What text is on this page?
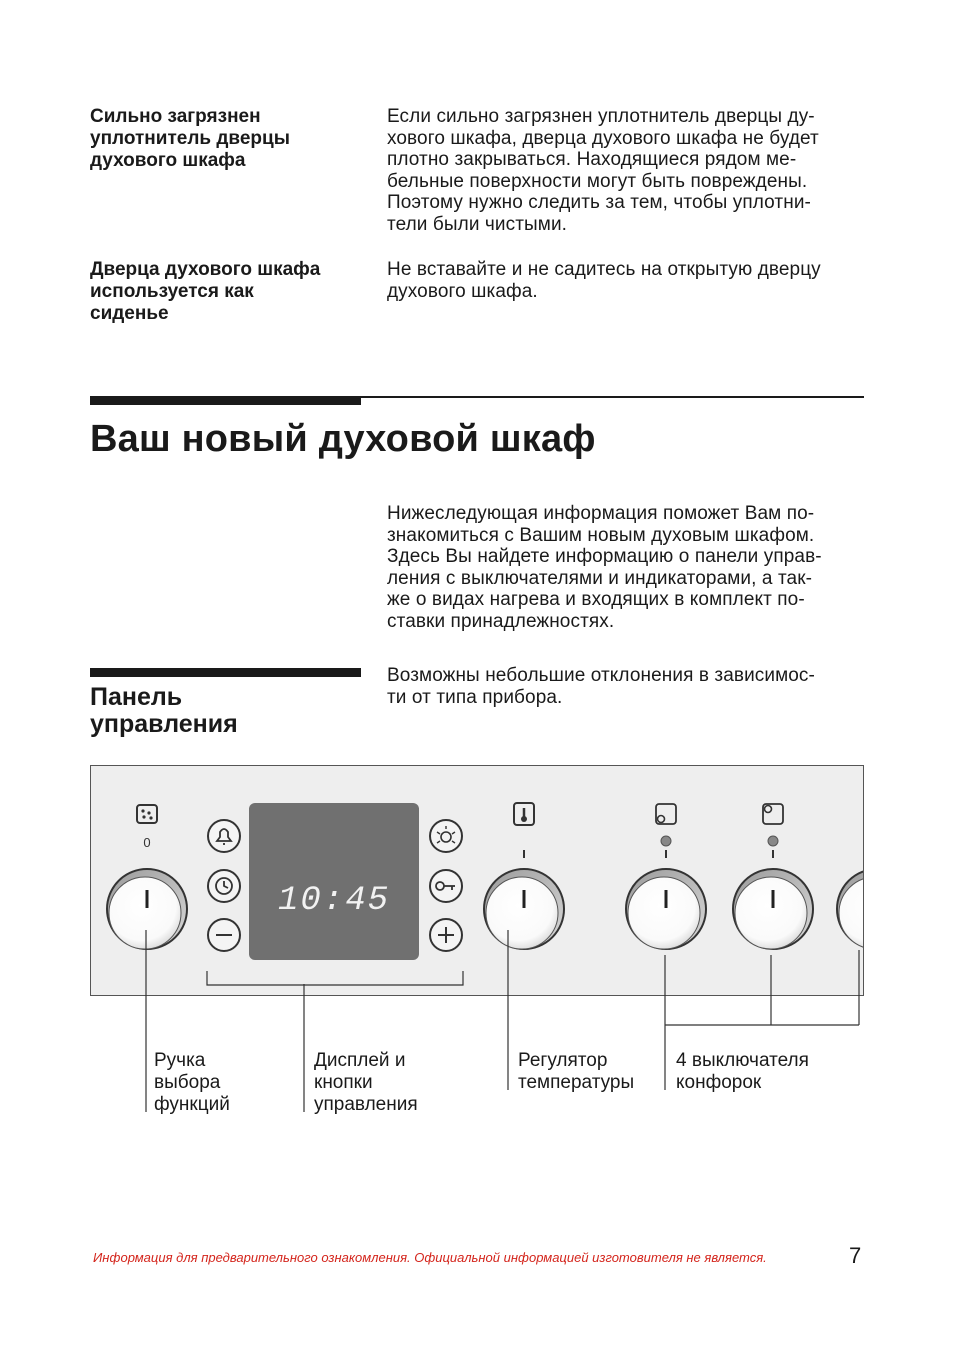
Сильно загрязнен
уплотнитель дверцы
духового шкафа
Если сильно загрязнен уплотнитель дверцы ду-
хового шкафа, дверца духового шкафа не будет
плотно закрываться. Находящиеся рядом ме-
бельные поверхности могут быть повреждены.
Поэтому нужно следить за тем, чтобы уплотни-
тели были чистыми.
Дверца духового шкафа
используется как
сиденье
Не вставайте и не садитесь на открытую дверцу
духового шкафа.
Ваш новый духовой шкаф
Нижеследующая информация поможет Вам по-
знакомиться с Вашим новым духовым шкафом.
Здесь Вы найдете информацию о панели управ-
ления с выключателями и индикаторами, а так-
же о видах нагрева и входящих в комплект по-
ставки принадлежностях.
Панель
управления
Возможны небольшие отклонения в зависимос-
ти от типа прибора.
0
10:45
Ручка
выбора
функций
Дисплей и
кнопки
управления
Регулятор
температуры
4 выключателя
конфорок
Информация для предварительного ознакомления. Официальной информацией изготовителя не является.	7
